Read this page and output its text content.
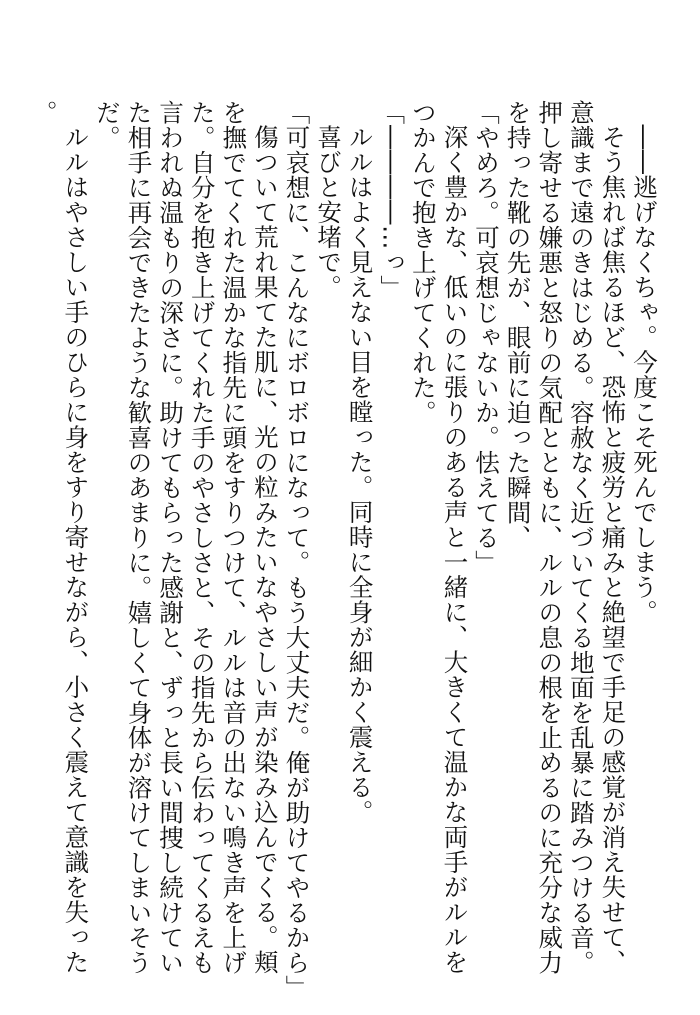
――逃げなくちゃ。今度こそ死んでしまう。

そう焦れば焦るほど、恐怖と疲労と痛みと絶望で手足の感覚が消え失せて、意識まで遠のきはじめる。容赦なく近づいてくる地面を乱暴に踏みつける音。押し寄せる嫌悪と怒りの気配とともに、ルルの息の根を止めるのに充分な威力を持った靴の先が、眼前に迫った瞬間、

「やめろ。可哀想じゃないか。怯えてる」

深く豊かな、低いのに張りのある声と一緒に、大きくて温かな両手がルルをつかんで抱き上げてくれた。

「――――…っ」

ルルはよく見えない目を瞠った。同時に全身が細かく震える。

喜びと安堵で。

「可哀想に、こんなにボロボロになって。もう大丈夫だ。俺が助けてやるから」

傷ついて荒れ果てた肌に、光の粒みたいなやさしい声が染み込んでくる。頬を撫でてくれた温かな指先に頭をすりつけて、ルルは音の出ない鳴き声を上げた。自分を抱き上げてくれた手のやさしさと、その指先から伝わってくるえも言われぬ温もりの深さに。助けてもらった感謝と、ずっと長い間捜し続けていた相手に再会できたような歓喜のあまりに。嬉しくて身体が溶けてしまいそうだ。

ルルはやさしい手のひらに身をすり寄せながら、小さく震えて意識を失った。
